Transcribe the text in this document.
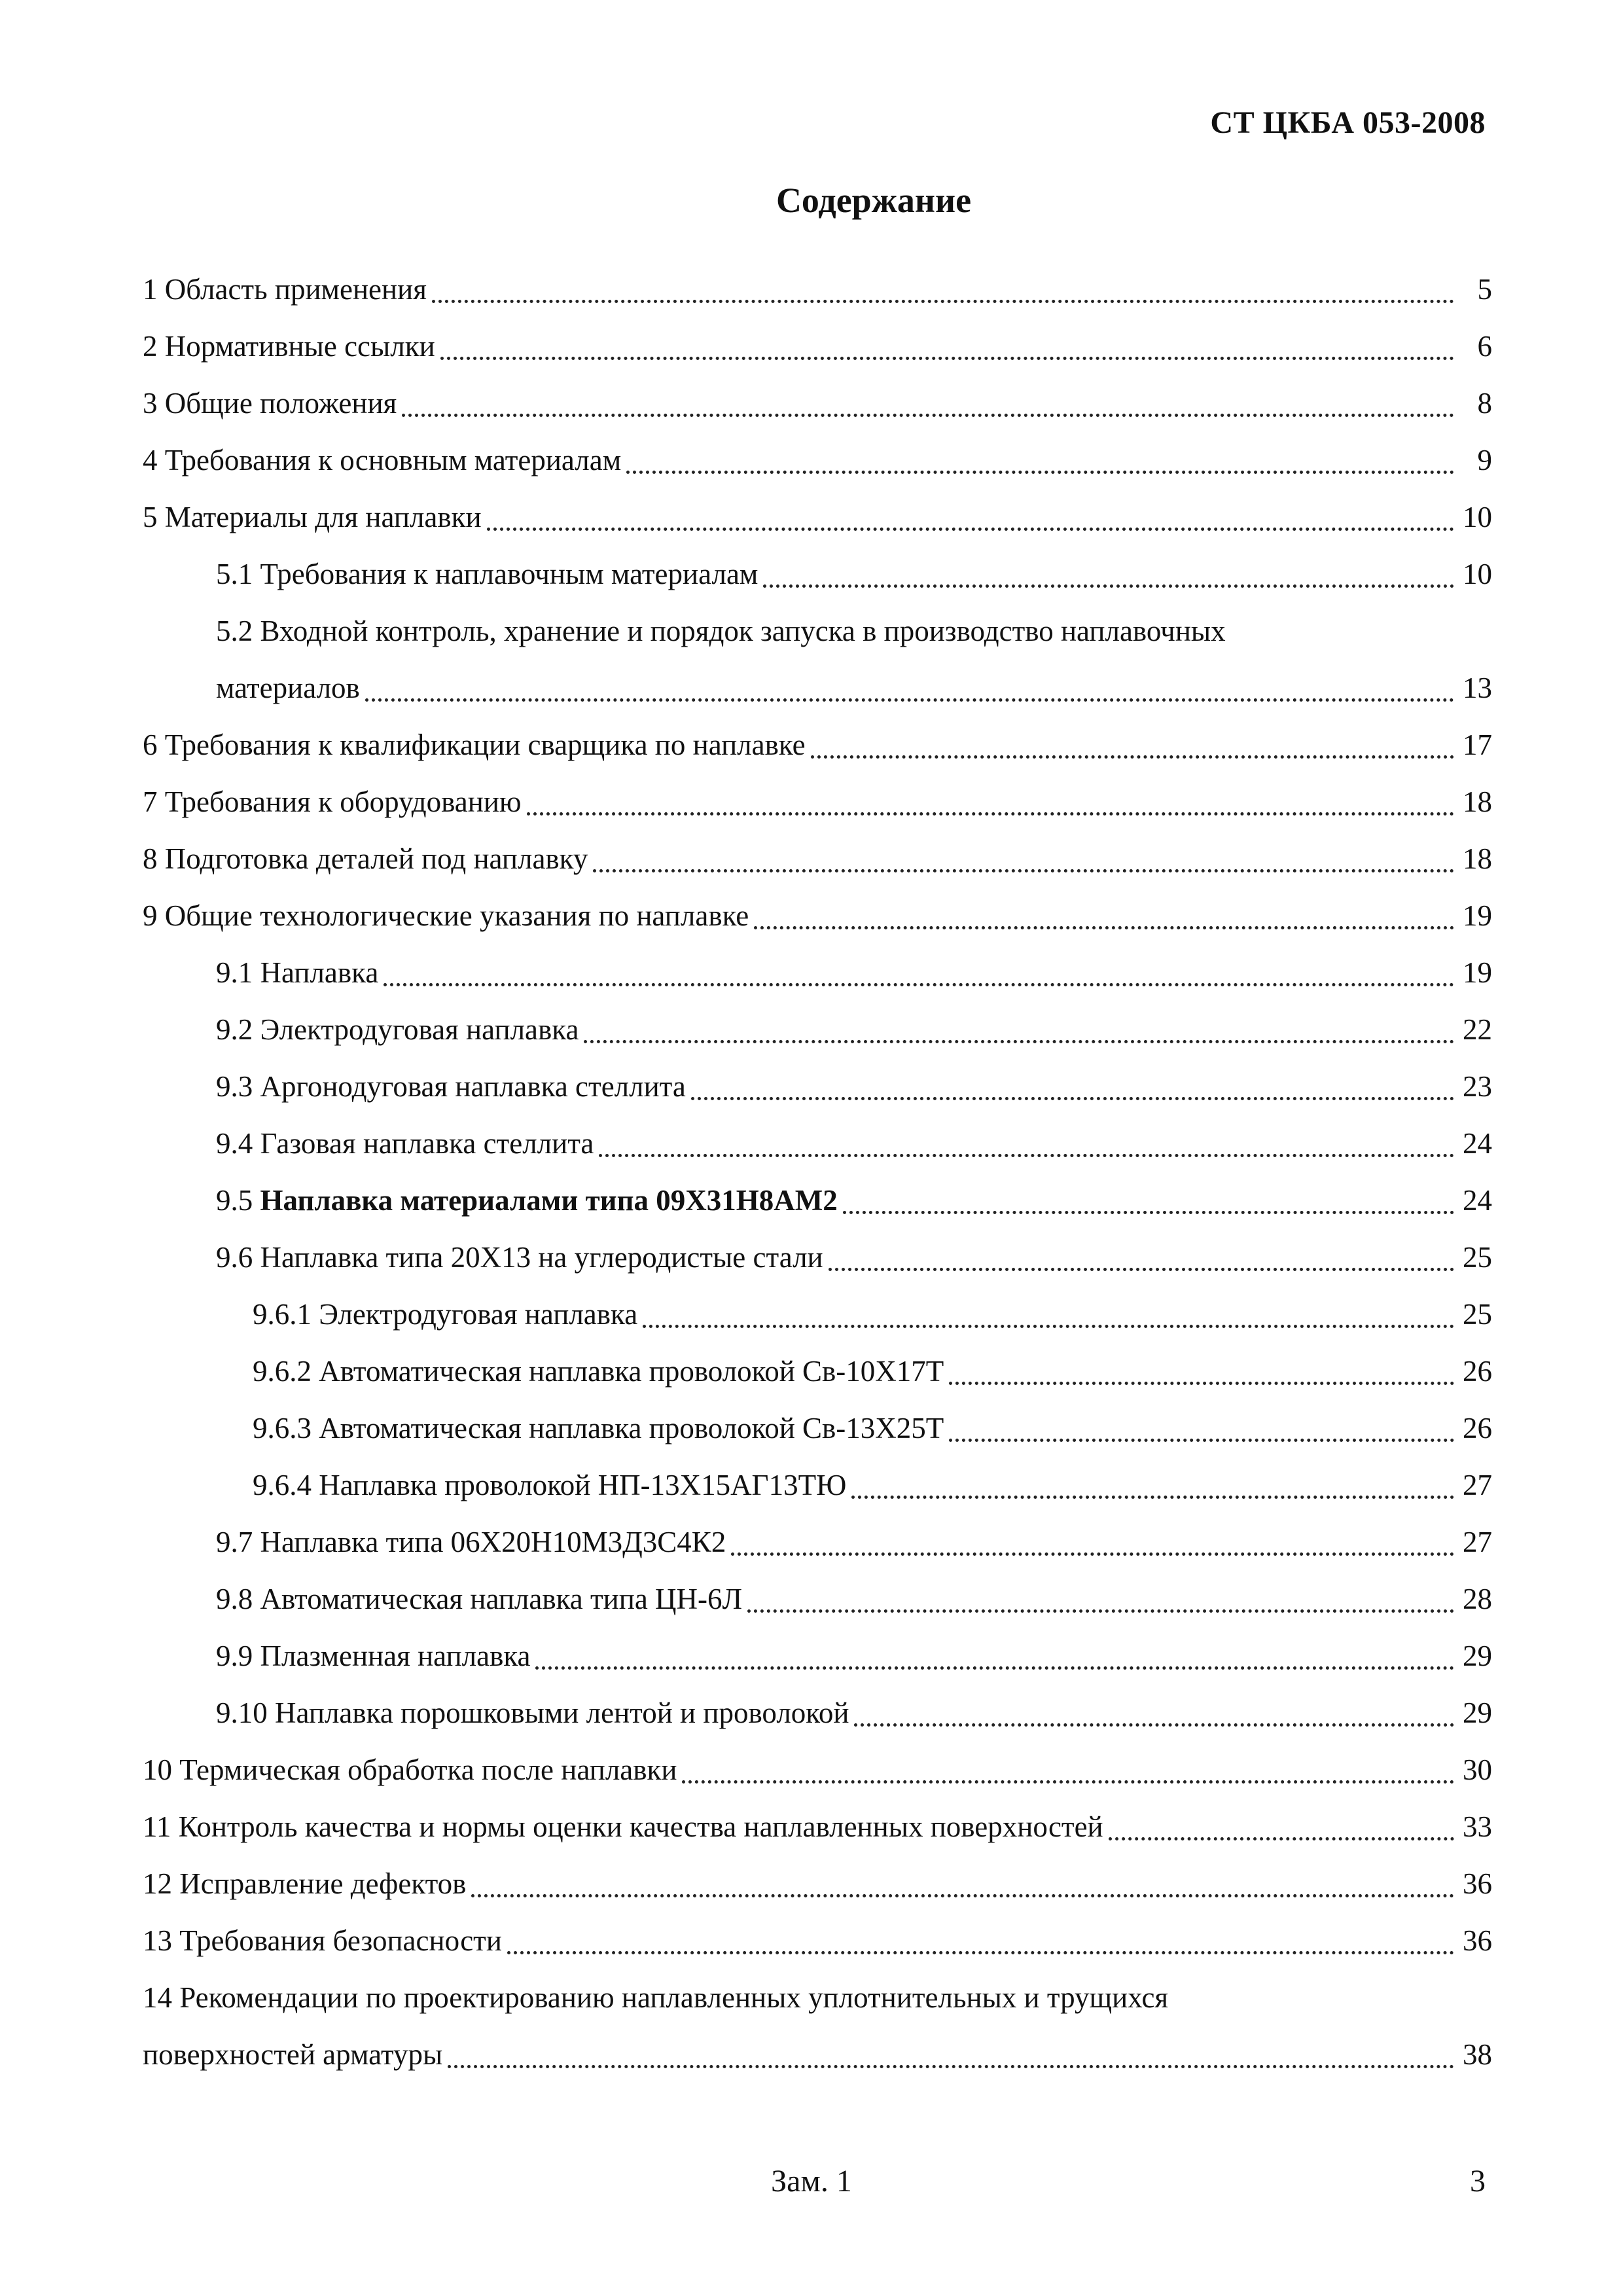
СТ ЦКБА 053-2008
Содержание
1 Область применения	5
2 Нормативные ссылки	6
3 Общие положения	8
4 Требования к основным материалам	9
5 Материалы для наплавки	10
5.1 Требования к наплавочным материалам	10
5.2 Входной контроль, хранение и порядок запуска в производство наплавочных
материалов	13
6 Требования к квалификации сварщика по наплавке	17
7 Требования к оборудованию	18
8 Подготовка деталей под наплавку	18
9 Общие технологические указания по наплавке	19
9.1 Наплавка	19
9.2 Электродуговая наплавка	22
9.3 Аргонодуговая наплавка стеллита	23
9.4 Газовая наплавка стеллита	24
9.5 Наплавка материалами типа 09Х31Н8АМ2	24
9.6 Наплавка типа 20Х13 на углеродистые стали	25
9.6.1 Электродуговая наплавка	25
9.6.2 Автоматическая наплавка проволокой Св-10Х17Т	26
9.6.3 Автоматическая наплавка проволокой Св-13Х25Т	26
9.6.4 Наплавка проволокой НП-13Х15АГ13ТЮ	27
9.7 Наплавка типа 06Х20Н10М3Д3С4К2	27
9.8 Автоматическая наплавка типа ЦН-6Л	28
9.9 Плазменная наплавка	29
9.10 Наплавка порошковыми лентой и проволокой	29
10 Термическая обработка после наплавки	30
11 Контроль качества и нормы оценки качества наплавленных поверхностей	33
12 Исправление дефектов	36
13 Требования безопасности	36
14 Рекомендации по проектированию наплавленных уплотнительных и трущихся
поверхностей арматуры	38
Зам. 1	3
